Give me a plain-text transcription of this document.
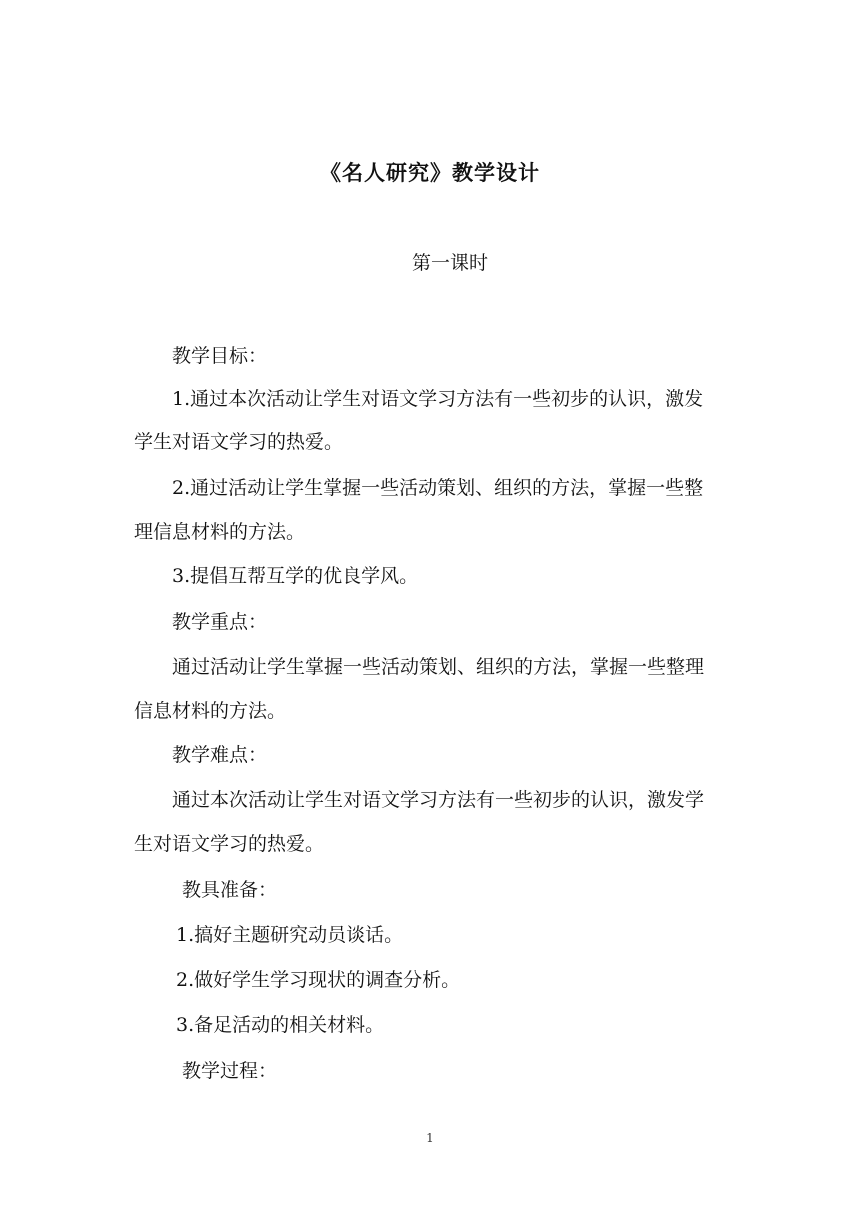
《名人研究》教学设计
第一课时
教学目标：
1.通过本次活动让学生对语文学习方法有一些初步的认识，激发
学生对语文学习的热爱。
2.通过活动让学生掌握一些活动策划、组织的方法，掌握一些整
理信息材料的方法。
3.提倡互帮互学的优良学风。
教学重点：
通过活动让学生掌握一些活动策划、组织的方法，掌握一些整理
信息材料的方法。
教学难点：
通过本次活动让学生对语文学习方法有一些初步的认识，激发学
生对语文学习的热爱。
教具准备：
1.搞好主题研究动员谈话。
2.做好学生学习现状的调查分析。
3.备足活动的相关材料。
教学过程：
1
